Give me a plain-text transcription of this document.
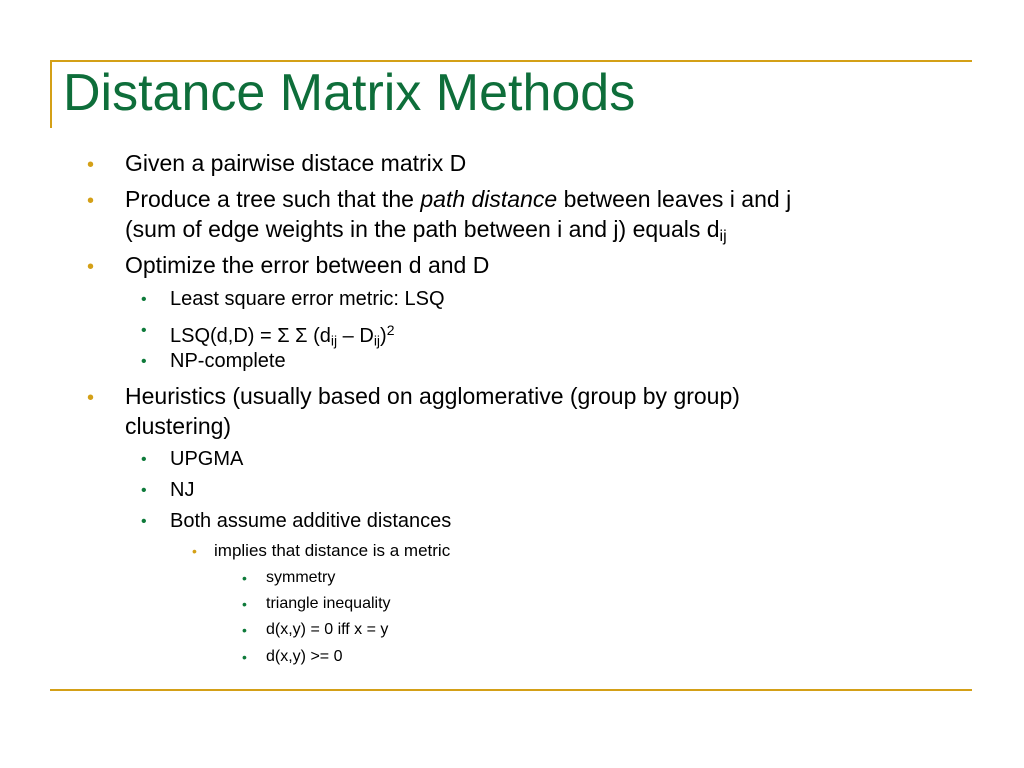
Distance Matrix Methods
• Given a pairwise distace matrix D
• Produce a tree such that the path distance between leaves i and j
(sum of edge weights in the path between i and j) equals $d_{ij}$
• Optimize the error between d and D
• Least square error metric: LSQ
• LSQ(d,D) = Σ Σ $(d_{ij} - D_{ij})^2$
• NP-complete
• Heuristics (usually based on agglomerative (group by group)
clustering)
• UPGMA
• NJ
• Both assume additive distances
• implies that distance is a metric
• symmetry
• triangle inequality
• d(x,y) = 0 iff x = y
• d(x,y) >= 0
